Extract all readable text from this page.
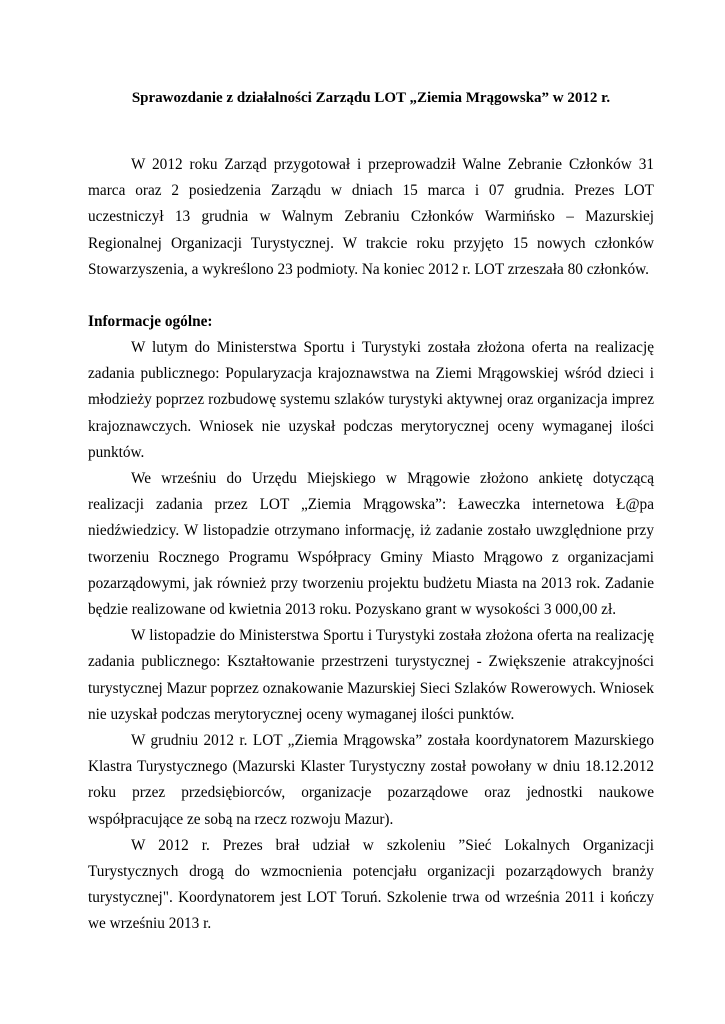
Sprawozdanie z działalności Zarządu LOT „Ziemia Mrągowska” w 2012 r.

W 2012 roku Zarząd przygotował i przeprowadził Walne Zebranie Członków 31 marca oraz 2 posiedzenia Zarządu w dniach 15 marca i 07 grudnia. Prezes LOT uczestniczył 13 grudnia w Walnym Zebraniu Członków Warmińsko – Mazurskiej Regionalnej Organizacji Turystycznej. W trakcie roku przyjęto 15 nowych członków Stowarzyszenia, a wykreślono 23 podmioty. Na koniec 2012 r. LOT zrzeszała 80 członków.

Informacje ogólne:

W lutym do Ministerstwa Sportu i Turystyki została złożona oferta na realizację zadania publicznego: Popularyzacja krajoznawstwa na Ziemi Mrągowskiej wśród dzieci i młodzieży poprzez rozbudowę systemu szlaków turystyki aktywnej oraz organizacja imprez krajoznawczych. Wniosek nie uzyskał podczas merytorycznej oceny wymaganej ilości punktów.

We wrześniu do Urzędu Miejskiego w Mrągowie złożono ankietę dotyczącą realizacji zadania przez LOT „Ziemia Mrągowska”: Ławeczka internetowa Ł@pa niedźwiedzicy. W listopadzie otrzymano informację, iż zadanie zostało uwzględnione przy tworzeniu Rocznego Programu Współpracy Gminy Miasto Mrągowo z organizacjami pozarządowymi, jak również przy tworzeniu projektu budżetu Miasta na 2013 rok. Zadanie będzie realizowane od kwietnia 2013 roku. Pozyskano grant w wysokości 3 000,00 zł.

W listopadzie do Ministerstwa Sportu i Turystyki została złożona oferta na realizację zadania publicznego: Kształtowanie przestrzeni turystycznej - Zwiększenie atrakcyjności turystycznej Mazur poprzez oznakowanie Mazurskiej Sieci Szlaków Rowerowych. Wniosek nie uzyskał podczas merytorycznej oceny wymaganej ilości punktów.

W grudniu 2012 r. LOT „Ziemia Mrągowska” została koordynatorem Mazurskiego Klastra Turystycznego (Mazurski Klaster Turystyczny został powołany w dniu 18.12.2012 roku przez przedsiębiorców, organizacje pozarządowe oraz jednostki naukowe współpracujące ze sobą na rzecz rozwoju Mazur).

W 2012 r. Prezes brał udział w szkoleniu ”Sieć Lokalnych Organizacji Turystycznych drogą do wzmocnienia potencjału organizacji pozarządowych branży turystycznej". Koordynatorem jest LOT Toruń. Szkolenie trwa od września 2011 i kończy we wrześniu 2013 r.
